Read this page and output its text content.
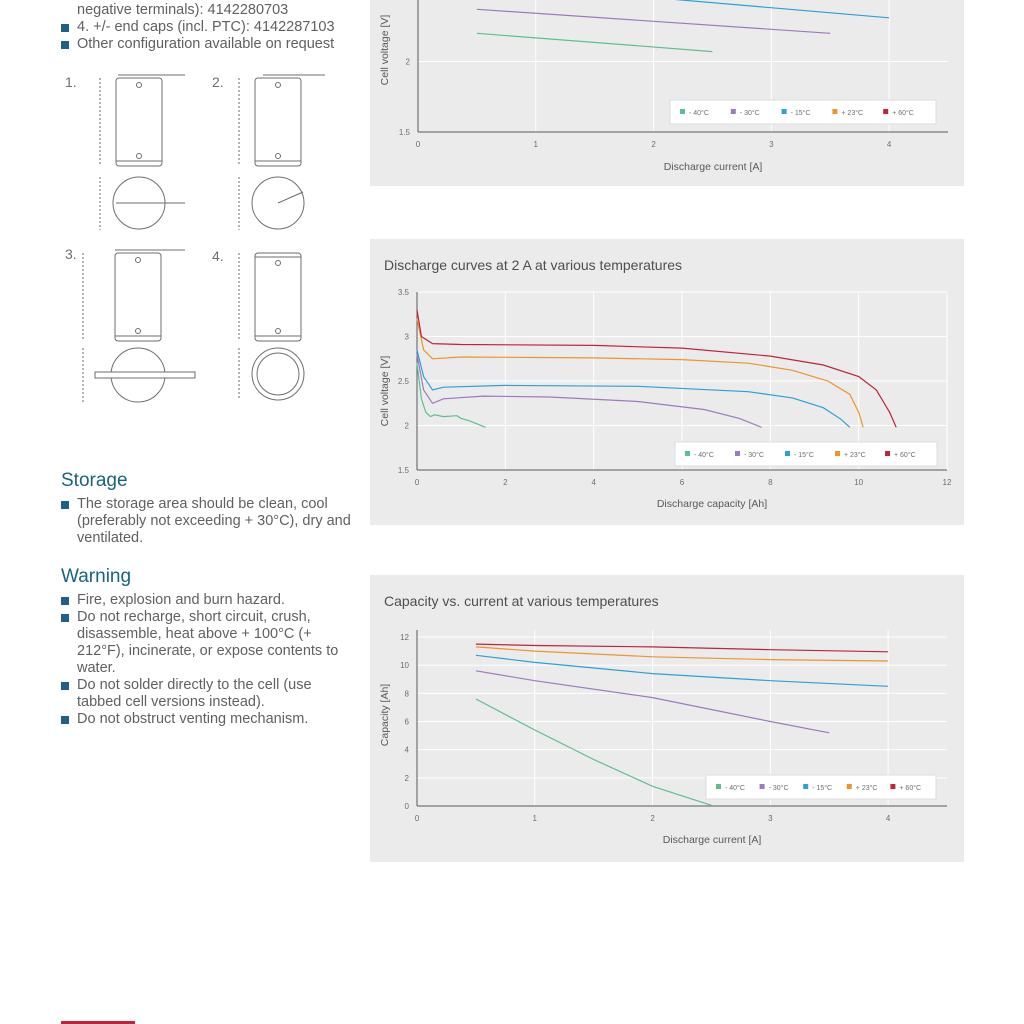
negative terminals): 4142280703
4. +/- end caps (incl. PTC): 4142287103
Other configuration available on request
1.	2.
3.	4.
Storage
The storage area should be clean, cool (preferably not exceeding + 30°C), dry and ventilated.
Warning
Fire, explosion and burn hazard.
Do not recharge, short circuit, crush, disassemble, heat above + 100°C (+ 212°F), incinerate, or expose contents to water.
Do not solder directly to the cell (use tabbed cell versions instead).
Do not obstruct venting mechanism.
0	1	2	3	4
1.5
2
Discharge current [A]
Cell voltage [V]
- 40°C	- 30°C	- 15°C	+ 23°C	+ 60°C
Discharge curves at 2 A at various temperatures
0	2	4	6	8	10	12
1.5
2
2.5
3
3.5
Discharge capacity [Ah]
Cell voltage [V]
- 40°C	- 30°C	- 15°C	+ 23°C	+ 60°C
Capacity vs. current at various temperatures
0	1	2	3	4
0
2
4
6
8
10
12
Discharge current [A]
Capacity [Ah]
- 40°C	- 30°C	- 15°C	+ 23°C	+ 60°C
